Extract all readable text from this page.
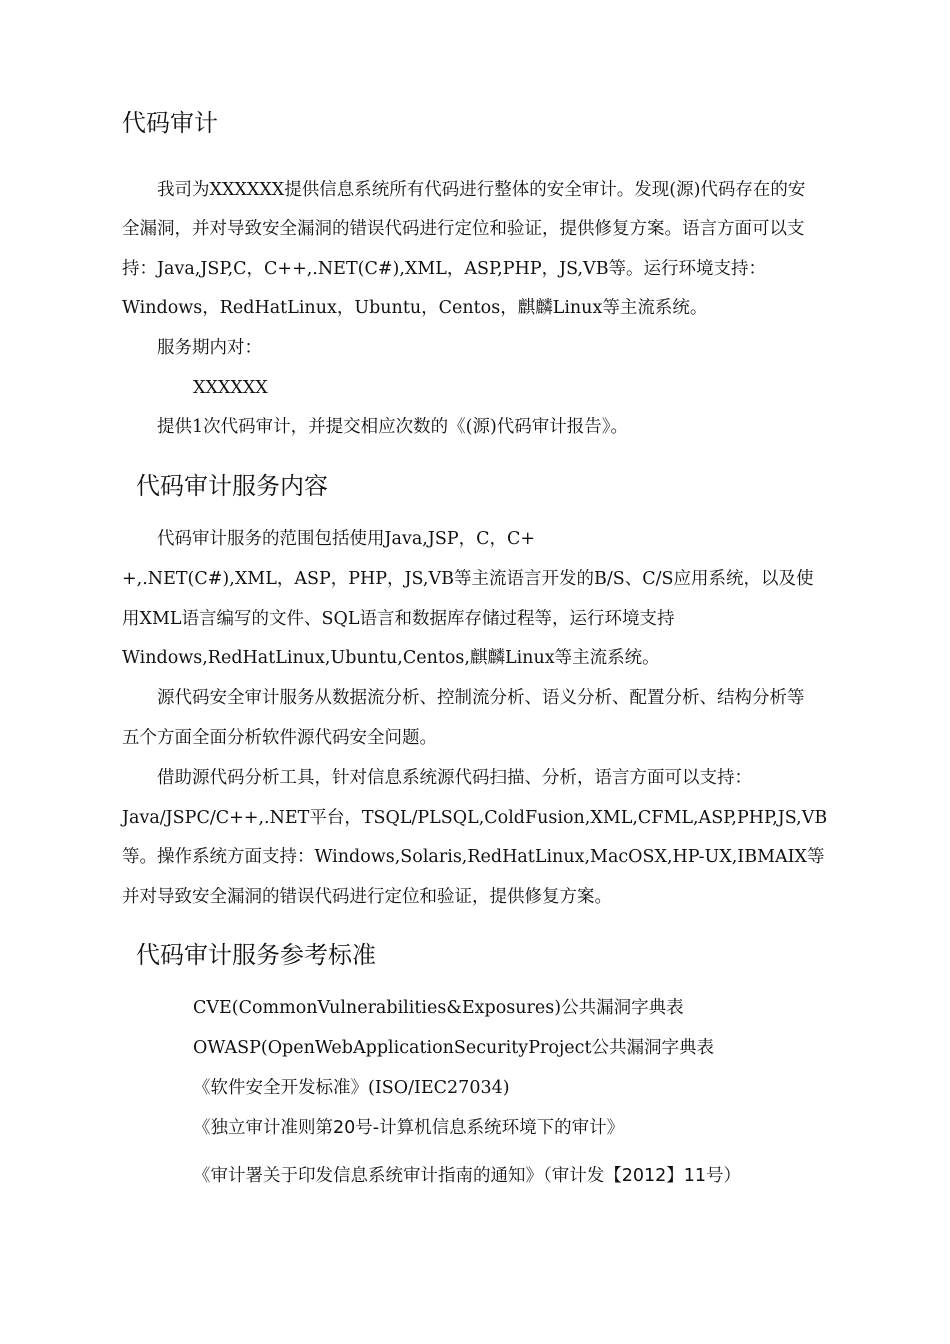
代码审计
我司为XXXXXX提供信息系统所有代码进行整体的安全审计。发现(源)代码存在的安
全漏洞，并对导致安全漏洞的错误代码进行定位和验证，提供修复方案。语言方面可以支
持：Java,JSP,C，C++,.NET(C#),XML，ASP,PHP，JS,VB等。运行环境支持：
Windows，RedHatLinux，Ubuntu，Centos，麒麟Linux等主流系统。
服务期内对：
XXXXXX
提供1次代码审计，并提交相应次数的《(源)代码审计报告》。
代码审计服务内容
代码审计服务的范围包括使用Java,JSP，C，C+
+,.NET(C#),XML，ASP，PHP，JS,VB等主流语言开发的B/S、C/S应用系统，以及使
用XML语言编写的文件、SQL语言和数据库存储过程等，运行环境支持
Windows,RedHatLinux,Ubuntu,Centos,麒麟Linux等主流系统。
源代码安全审计服务从数据流分析、控制流分析、语义分析、配置分析、结构分析等
五个方面全面分析软件源代码安全问题。
借助源代码分析工具，针对信息系统源代码扫描、分析，语言方面可以支持：
Java/JSPC/C++,.NET平台，TSQL/PLSQL,ColdFusion,XML,CFML,ASP,PHP,JS,VB
等。操作系统方面支持：Windows,Solaris,RedHatLinux,MacOSX,HP-UX,IBMAIX等
并对导致安全漏洞的错误代码进行定位和验证，提供修复方案。
代码审计服务参考标准
CVE(CommonVulnerabilities&Exposures)公共漏洞字典表
OWASP(OpenWebApplicationSecurityProject公共漏洞字典表
《软件安全开发标准》(ISO/IEC27034)
《独立审计准则第20号-计算机信息系统环境下的审计》
《审计署关于印发信息系统审计指南的通知》（审计发【2012】11号）
